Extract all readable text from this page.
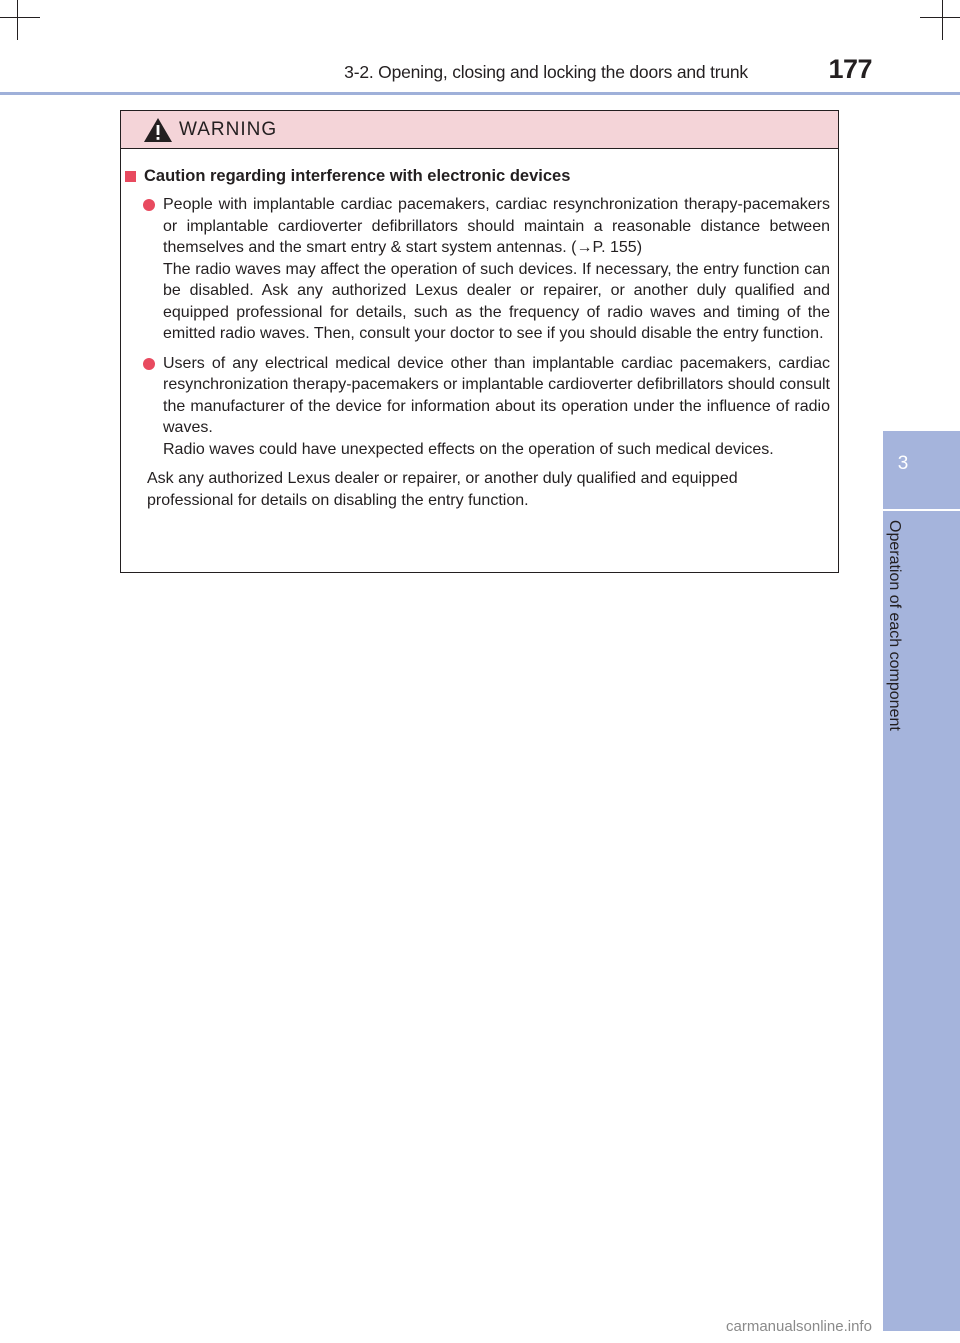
3-2. Opening, closing and locking the doors and trunk	177
3
Operation of each component
WARNING
Caution regarding interference with electronic devices

People with implantable cardiac pacemakers, cardiac resynchronization therapy-pacemakers or implantable cardioverter defibrillators should maintain a reasonable distance between themselves and the smart entry & start system antennas. (→P. 155)

The radio waves may affect the operation of such devices. If necessary, the entry function can be disabled. Ask any authorized Lexus dealer or repairer, or another duly qualified and equipped professional for details, such as the frequency of radio waves and timing of the emitted radio waves. Then, consult your doctor to see if you should disable the entry function.

Users of any electrical medical device other than implantable cardiac pacemakers, cardiac resynchronization therapy-pacemakers or implantable cardioverter defibrillators should consult the manufacturer of the device for information about its operation under the influence of radio waves.

Radio waves could have unexpected effects on the operation of such medical devices.

Ask any authorized Lexus dealer or repairer, or another duly qualified and equipped professional for details on disabling the entry function.
carmanualsonline.info
